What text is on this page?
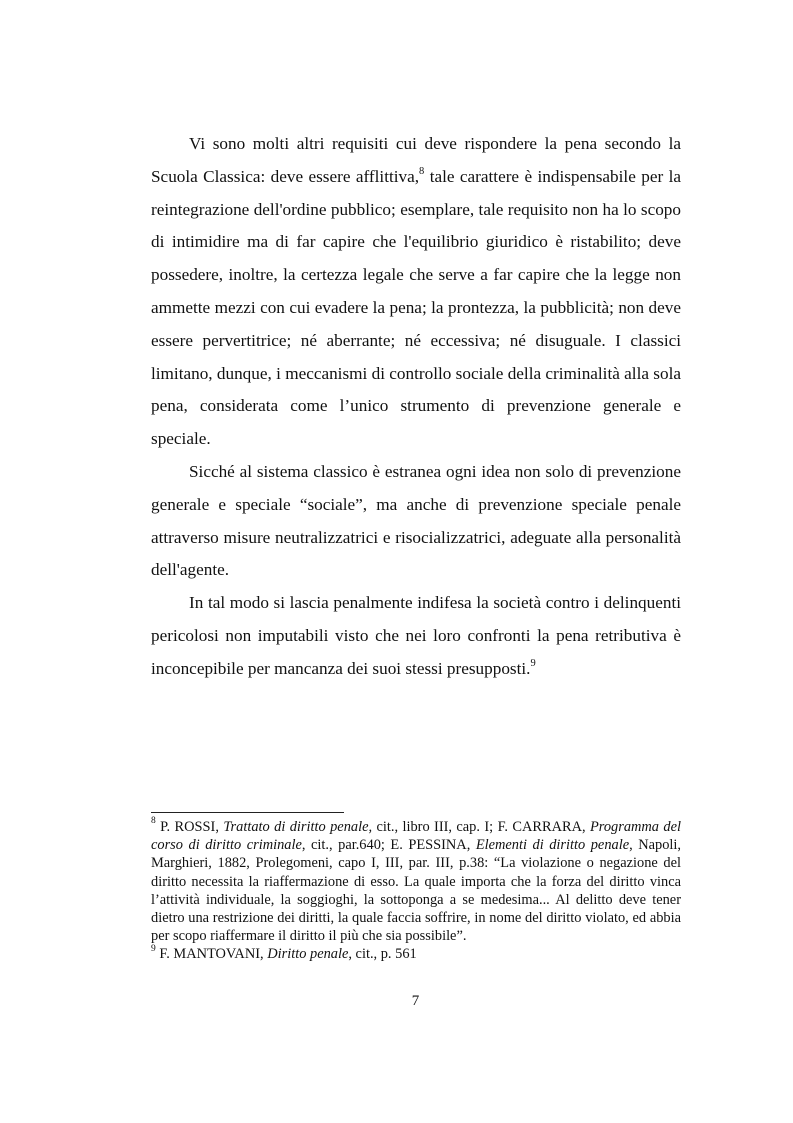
Vi sono molti altri requisiti cui deve rispondere la pena secondo la Scuola Classica: deve essere afflittiva,$^8$ tale carattere è indispensabile per la reintegrazione dell'ordine pubblico; esemplare, tale requisito non ha lo scopo di intimidire ma di far capire che l'equilibrio giuridico è ristabilito; deve possedere, inoltre, la certezza legale che serve a far capire che la legge non ammette mezzi con cui evadere la pena; la prontezza, la pubblicità; non deve essere pervertitrice; né aberrante; né eccessiva; né disuguale. I classici limitano, dunque, i meccanismi di controllo sociale della criminalità alla sola pena, considerata come l’unico strumento di prevenzione generale e speciale.

Sicché al sistema classico è estranea ogni idea non solo di prevenzione generale e speciale “sociale”, ma anche di prevenzione speciale penale attraverso misure neutralizzatrici e risocializzatrici, adeguate alla personalità dell'agente.

In tal modo si lascia penalmente indifesa la società contro i delinquenti pericolosi non imputabili visto che nei loro confronti la pena retributiva è inconcepibile per mancanza dei suoi stessi presupposti.$^9$

$^8$ P. ROSSI, Trattato di diritto penale, cit., libro III, cap. I; F. CARRARA, Programma del corso di diritto criminale, cit., par.640; E. PESSINA, Elementi di diritto penale, Napoli, Marghieri, 1882, Prolegomeni, capo I, III, par. III, p.38: “La violazione o negazione del diritto necessita la riaffermazione di esso. La quale importa che la forza del diritto vinca l’attività individuale, la soggioghi, la sottoponga a se medesima... Al delitto deve tener dietro una restrizione dei diritti, la quale faccia soffrire, in nome del diritto violato, ed abbia per scopo riaffermare il diritto il più che sia possibile”.

$^9$ F. MANTOVANI, Diritto penale, cit., p. 561

7
